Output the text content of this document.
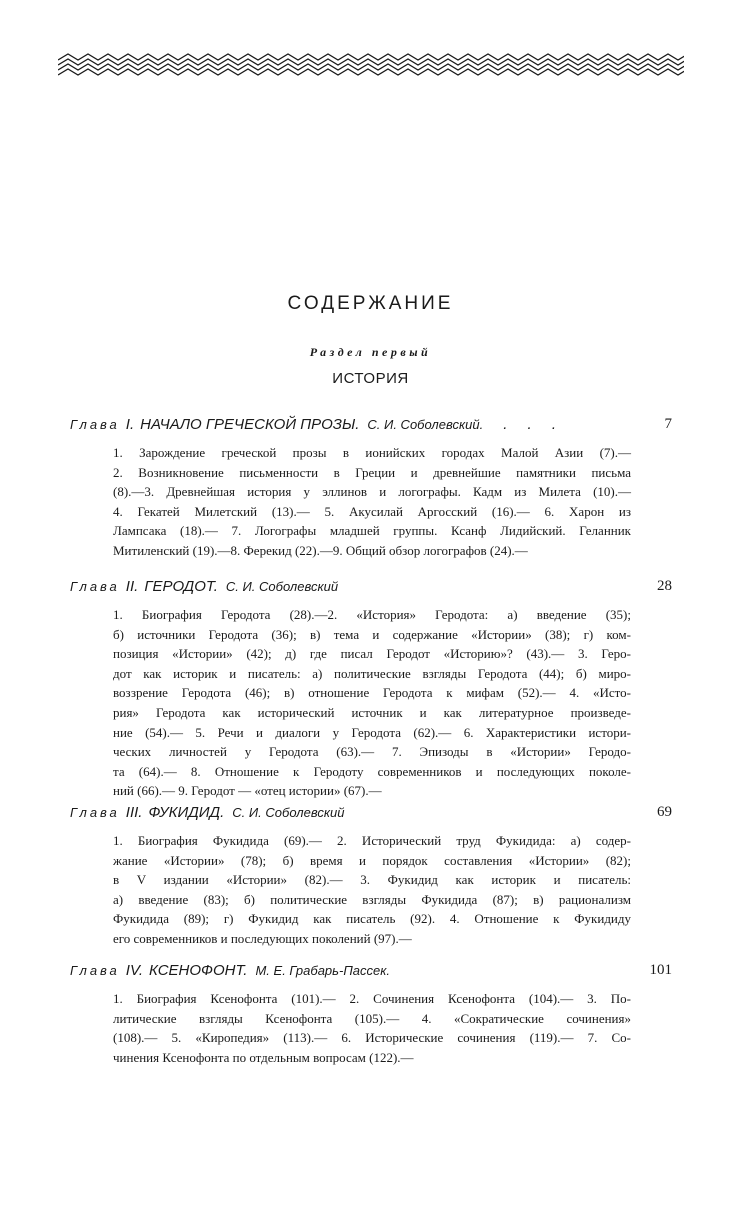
СОДЕРЖАНИЕ
Раздел первый
ИСТОРИЯ
Глава I. НАЧАЛО ГРЕЧЕСКОЙ ПРОЗЫ. С. И. Соболевский. . . .	7
1. Зарождение греческой прозы в ионийских городах Малой Азии (7).—
2. Возникновение письменности в Греции и древнейшие памятники письма
(8).—3. Древнейшая история у эллинов и логографы. Кадм из Милета (10).—
4. Гекатей Милетский (13).— 5. Акусилай Аргосский (16).— 6. Харон из
Лампсака (18).— 7. Логографы младшей группы. Ксанф Лидийский. Геланник
Митиленский (19).—8. Ферекид (22).—9. Общий обзор логографов (24).—
Глава II. ГЕРОДОТ. С. И. Соболевский	28
1. Биография Геродота (28).—2. «История» Геродота: а) введение (35);
б) источники Геродота (36); в) тема и содержание «Истории» (38); г) ком-
позиция «Истории» (42); д) где писал Геродот «Историю»? (43).— 3. Геро-
дот как историк и писатель: а) политические взгляды Геродота (44); б) миро-
воззрение Геродота (46); в) отношение Геродота к мифам (52).— 4. «Исто-
рия» Геродота как исторический источник и как литературное произведе-
ние (54).— 5. Речи и диалоги у Геродота (62).— 6. Характеристики истори-
ческих личностей у Геродота (63).— 7. Эпизоды в «Истории» Геродо-
та (64).— 8. Отношение к Геродоту современников и последующих поколе-
ний (66).— 9. Геродот — «отец истории» (67).—
Глава III. ФУКИДИД. С. И. Соболевский	69
1. Биография Фукидида (69).— 2. Исторический труд Фукидида: а) содер-
жание «Истории» (78); б) время и порядок составления «Истории» (82);
в V издании «Истории» (82).— 3. Фукидид как историк и писатель:
а) введение (83); б) политические взгляды Фукидида (87); в) рационализм
Фукидида (89); г) Фукидид как писатель (92). 4. Отношение к Фукидиду
его современников и последующих поколений (97).—
Глава IV. КСЕНОФОНТ. М. Е. Грабарь-Пассек.	101
1. Биография Ксенофонта (101).— 2. Сочинения Ксенофонта (104).— 3. По-
литические взгляды Ксенофонта (105).— 4. «Сократические сочинения»
(108).— 5. «Киропедия» (113).— 6. Исторические сочинения (119).— 7. Со-
чинения Ксенофонта по отдельным вопросам (122).—
